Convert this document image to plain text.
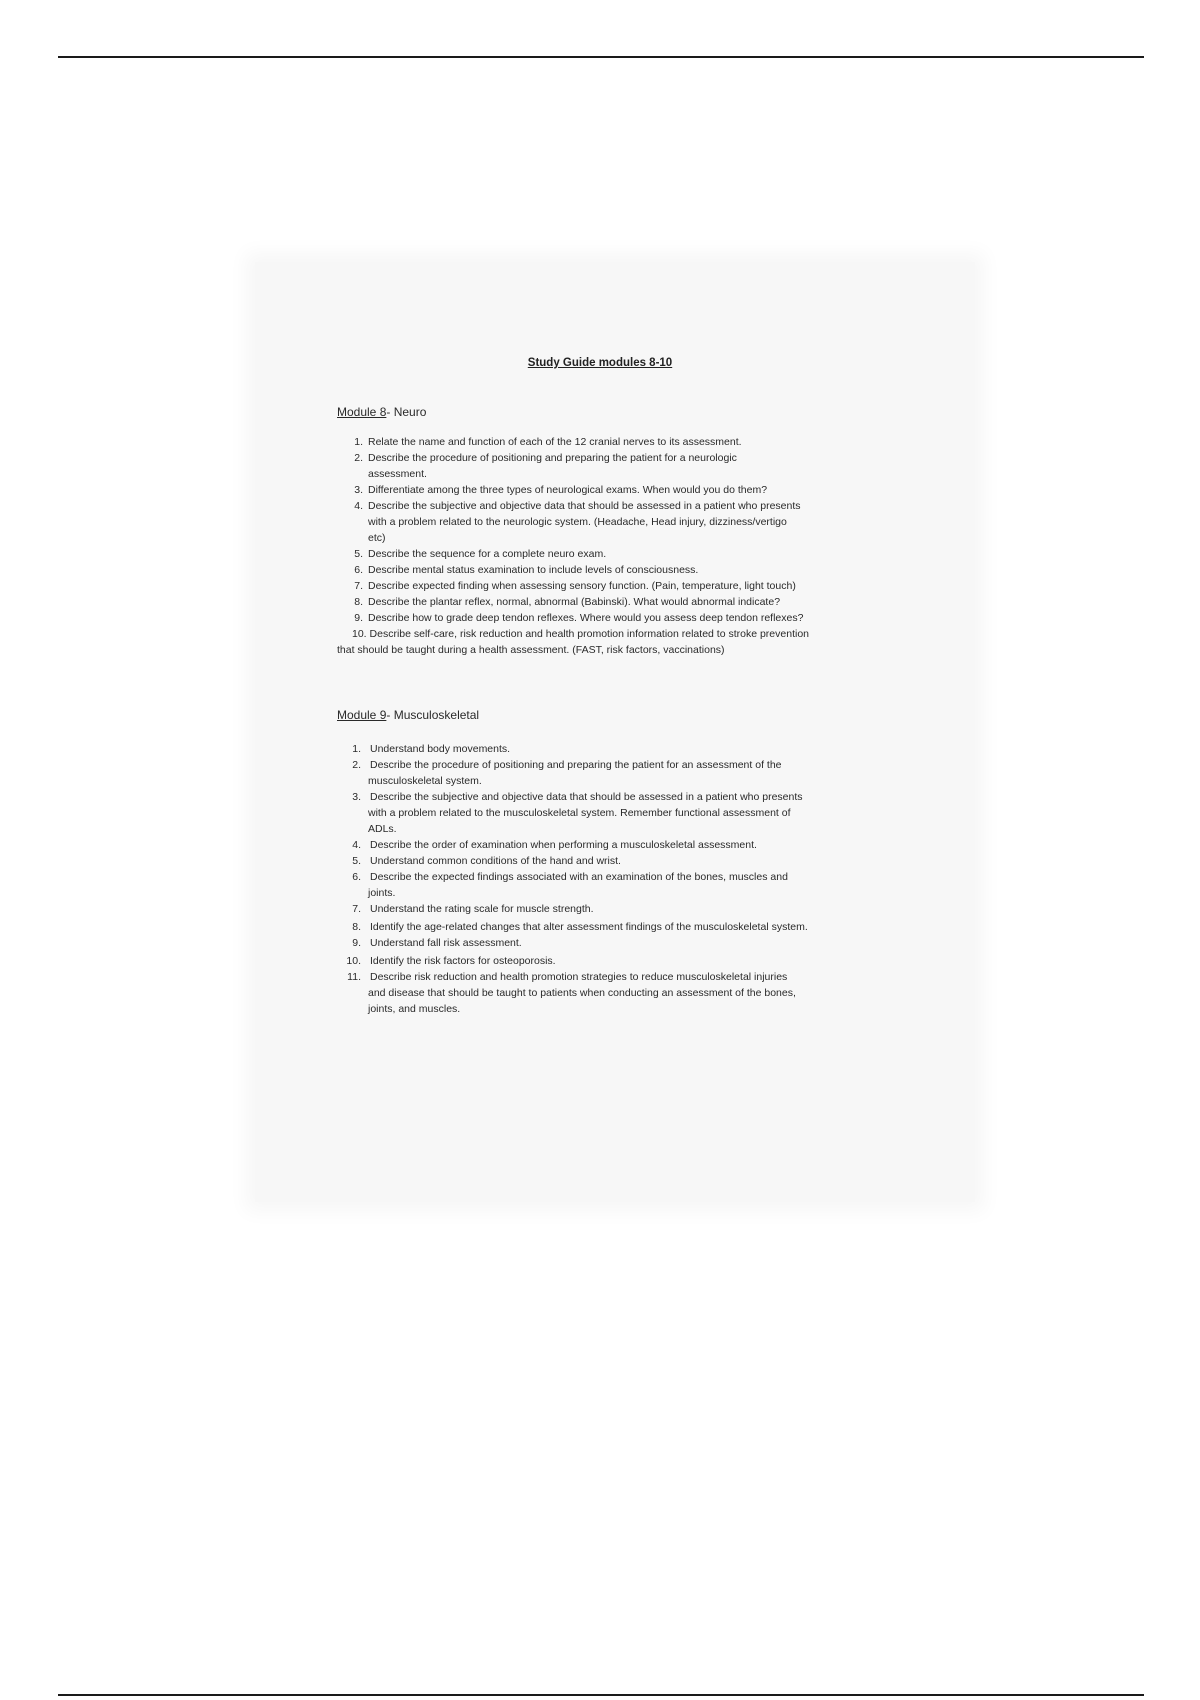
Study Guide modules 8-10
Module 8- Neuro
1. Relate the name and function of each of the 12 cranial nerves to its assessment.
2. Describe the procedure of positioning and preparing the patient for a neurologic
assessment.
3. Differentiate among the three types of neurological exams. When would you do them?
4. Describe the subjective and objective data that should be assessed in a patient who presents
with a problem related to the neurologic system. (Headache, Head injury, dizziness/vertigo
etc)
5. Describe the sequence for a complete neuro exam.
6. Describe mental status examination to include levels of consciousness.
7. Describe expected finding when assessing sensory function. (Pain, temperature, light touch)
8. Describe the plantar reflex, normal, abnormal (Babinski). What would abnormal indicate?
9. Describe how to grade deep tendon reflexes. Where would you assess deep tendon reflexes?
10. Describe self-care, risk reduction and health promotion information related to stroke prevention
that should be taught during a health assessment. (FAST, risk factors, vaccinations)
Module 9- Musculoskeletal
1. Understand body movements.
2. Describe the procedure of positioning and preparing the patient for an assessment of the
musculoskeletal system.
3. Describe the subjective and objective data that should be assessed in a patient who presents
with a problem related to the musculoskeletal system. Remember functional assessment of
ADLs.
4. Describe the order of examination when performing a musculoskeletal assessment.
5. Understand common conditions of the hand and wrist.
6. Describe the expected findings associated with an examination of the bones, muscles and
joints.
7. Understand the rating scale for muscle strength.
8. Identify the age-related changes that alter assessment findings of the musculoskeletal system.
9. Understand fall risk assessment.
10. Identify the risk factors for osteoporosis.
11. Describe risk reduction and health promotion strategies to reduce musculoskeletal injuries
and disease that should be taught to patients when conducting an assessment of the bones,
joints, and muscles.
